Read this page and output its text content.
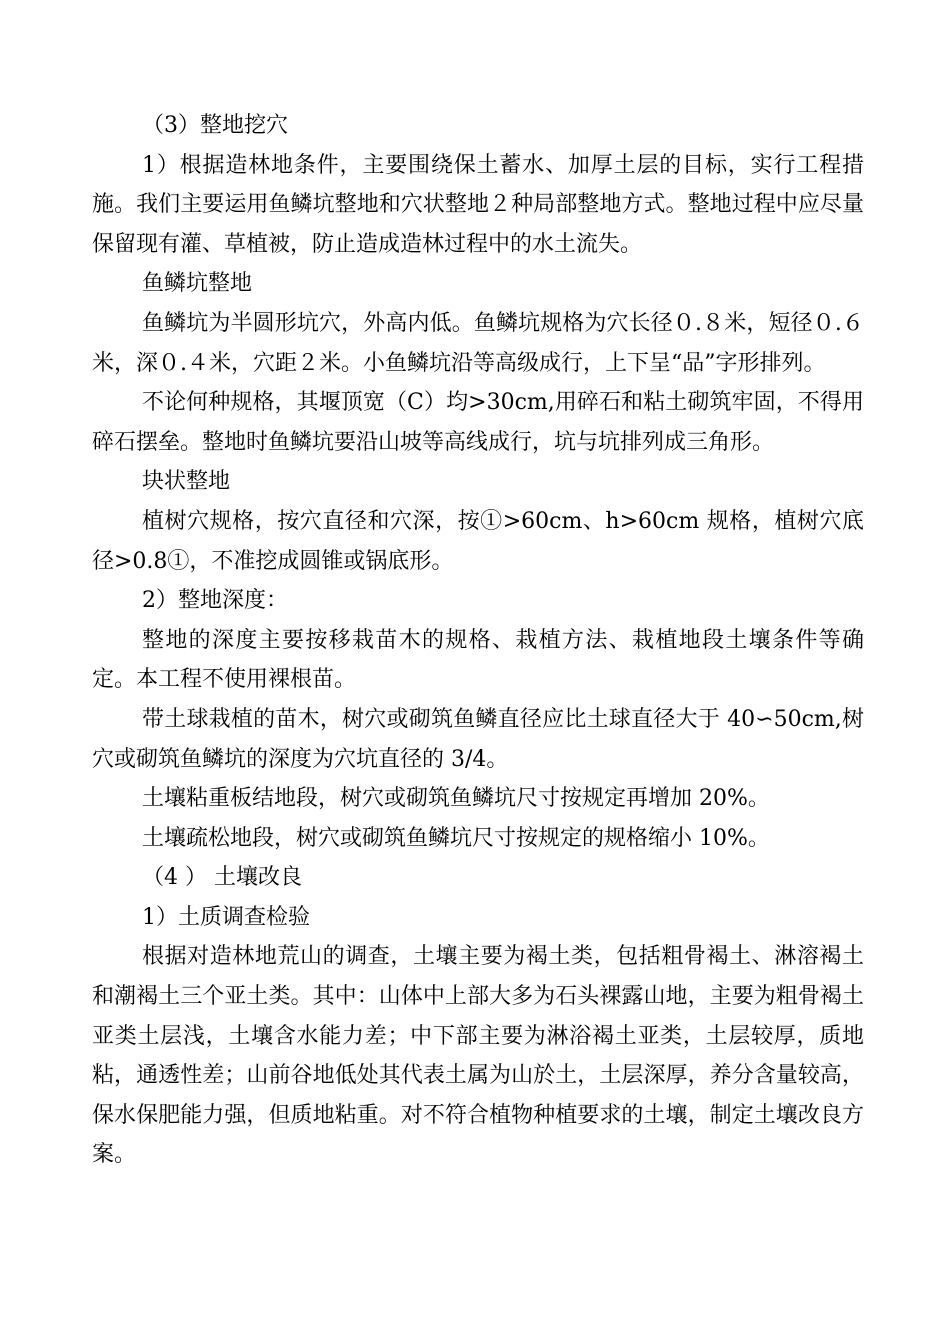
（3）整地挖穴

1）根据造林地条件，主要围绕保土蓄水、加厚土层的目标，实行工程措施。我们主要运用鱼鳞坑整地和穴状整地２种局部整地方式。整地过程中应尽量保留现有灌、草植被，防止造成造林过程中的水土流失。

鱼鳞坑整地

鱼鳞坑为半圆形坑穴，外高内低。鱼鳞坑规格为穴长径０.８米，短径０.６米，深０.４米，穴距２米。小鱼鳞坑沿等高级成行，上下呈“品”字形排列。

不论何种规格，其堰顶宽（C）均>30cm,用碎石和粘土砌筑牢固，不得用碎石摆垒。整地时鱼鳞坑要沿山坡等高线成行，坑与坑排列成三角形。

块状整地

植树穴规格，按穴直径和穴深，按①>60cm、h>60cm 规格，植树穴底径>0.8①，不准挖成圆锥或锅底形。

2）整地深度：

整地的深度主要按移栽苗木的规格、栽植方法、栽植地段土壤条件等确定。本工程不使用裸根苗。

带土球栽植的苗木，树穴或砌筑鱼鳞直径应比土球直径大于 40∽50cm,树穴或砌筑鱼鳞坑的深度为穴坑直径的 3/4。

土壤粘重板结地段，树穴或砌筑鱼鳞坑尺寸按规定再增加 20%。

土壤疏松地段，树穴或砌筑鱼鳞坑尺寸按规定的规格缩小 10%。

（4 ） 土壤改良

1）土质调查检验

根据对造林地荒山的调查，土壤主要为褐土类，包括粗骨褐土、淋溶褐土和潮褐土三个亚土类。其中：山体中上部大多为石头裸露山地，主要为粗骨褐土亚类土层浅，土壤含水能力差；中下部主要为淋浴褐土亚类，土层较厚，质地粘，通透性差；山前谷地低处其代表土属为山於土，土层深厚，养分含量较高，保水保肥能力强，但质地粘重。对不符合植物种植要求的土壤，制定土壤改良方案。
